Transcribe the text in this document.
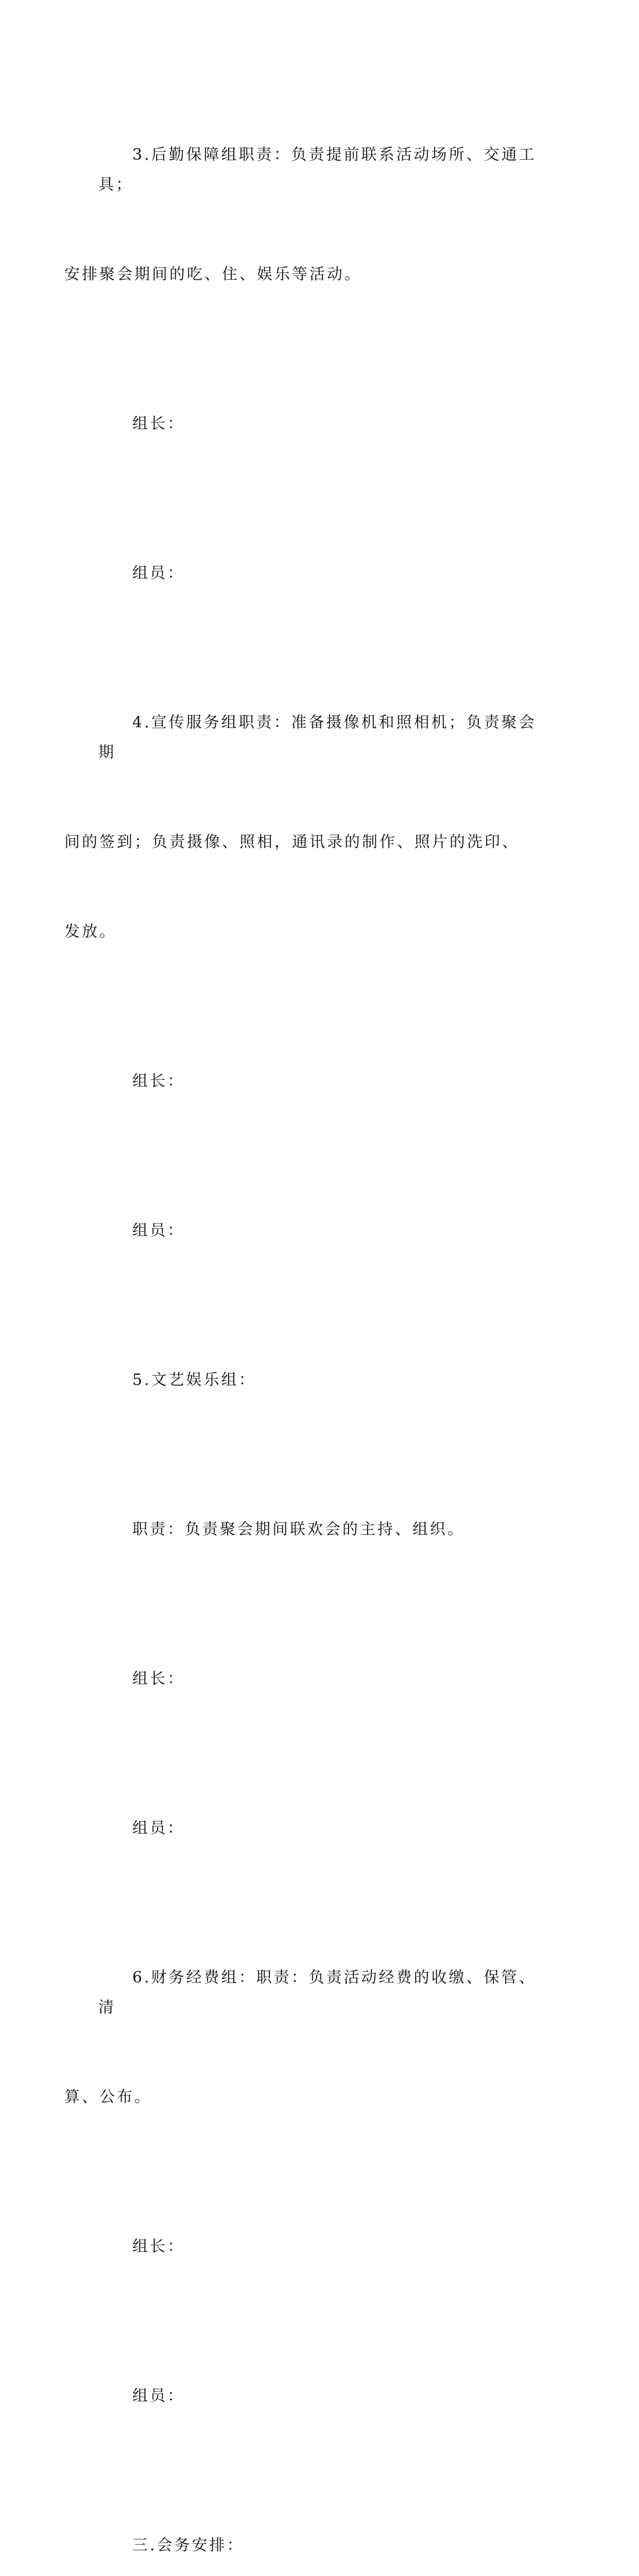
3.后勤保障组职责：负责提前联系活动场所、交通工具；

安排聚会期间的吃、住、娱乐等活动。

组长：

组员：

4.宣传服务组职责：准备摄像机和照相机；负责聚会期

间的签到；负责摄像、照相，通讯录的制作、照片的洗印、

发放。

组长：

组员：

5.文艺娱乐组：

职责：负责聚会期间联欢会的主持、组织。

组长：

组员：

6.财务经费组：职责：负责活动经费的收缴、保管、清

算、公布。

组长：

组员：

三.会务安排：
